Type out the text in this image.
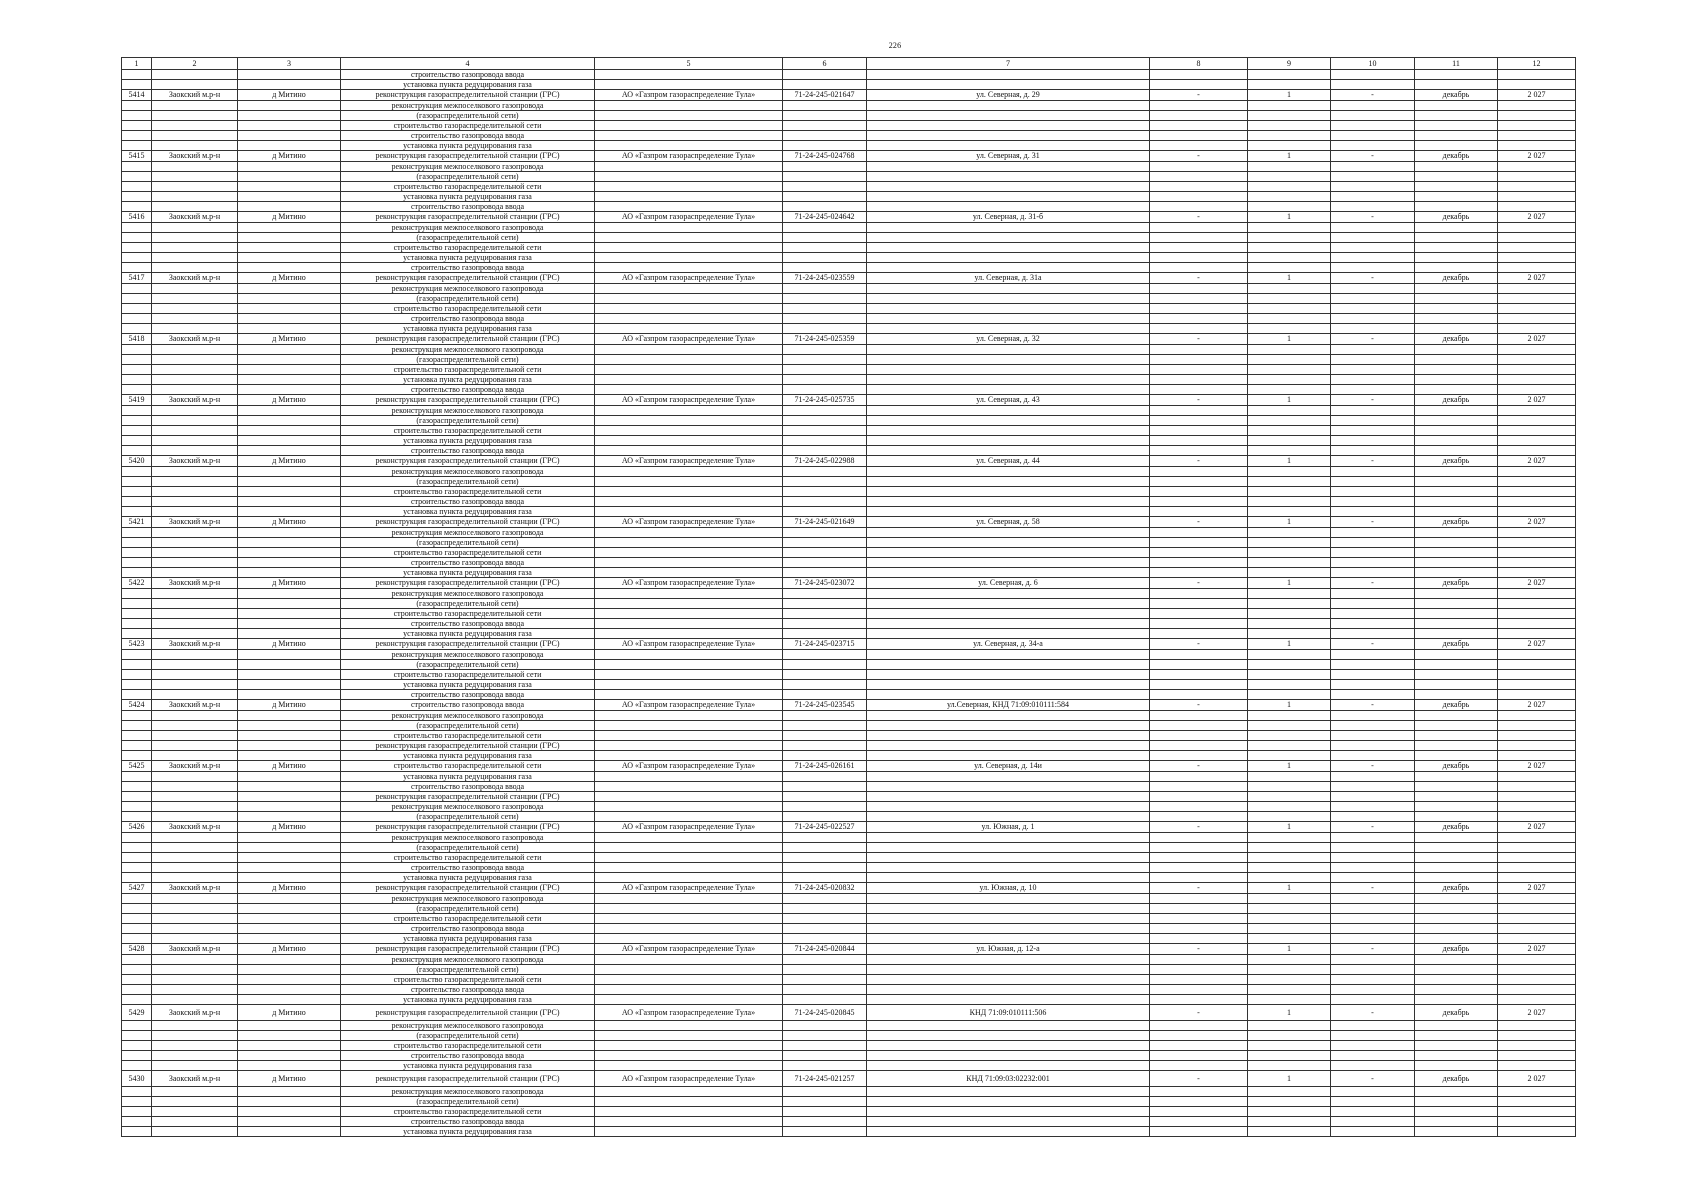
226
1	2	3	4	5	6	7	8	9	10	11	12
			строительство газопровода ввода								
			установка пункта редуцирования газа								
5414	Заокский м.р-н	д Митино	реконструкция газораспределительной станции (ГРС)	АО «Газпром газораспределение Тула»	71-24-245-021647	ул. Северная, д. 29	-	1	-	декабрь	2 027
			реконструкция межпоселкового газопровода								
			(газораспределительной сети)								
			строительство газораспределительной сети								
			строительство газопровода ввода								
			установка пункта редуцирования газа								
5415	Заокский м.р-н	д Митино	реконструкция газораспределительной станции (ГРС)	АО «Газпром газораспределение Тула»	71-24-245-024768	ул. Северная, д. 31	-	1	-	декабрь	2 027
			реконструкция межпоселкового газопровода								
			(газораспределительной сети)								
			строительство газораспределительной сети								
			установка пункта редуцирования газа								
			строительство газопровода ввода								
5416	Заокский м.р-н	д Митино	реконструкция газораспределительной станции (ГРС)	АО «Газпром газораспределение Тула»	71-24-245-024642	ул. Северная, д. 31-б	-	1	-	декабрь	2 027
			реконструкция межпоселкового газопровода								
			(газораспределительной сети)								
			строительство газораспределительной сети								
			установка пункта редуцирования газа								
			строительство газопровода ввода								
5417	Заокский м.р-н	д Митино	реконструкция газораспределительной станции (ГРС)	АО «Газпром газораспределение Тула»	71-24-245-023559	ул. Северная, д. 31а	-	1	-	декабрь	2 027
			реконструкция межпоселкового газопровода								
			(газораспределительной сети)								
			строительство газораспределительной сети								
			строительство газопровода ввода								
			установка пункта редуцирования газа								
5418	Заокский м.р-н	д Митино	реконструкция газораспределительной станции (ГРС)	АО «Газпром газораспределение Тула»	71-24-245-025359	ул. Северная, д. 32	-	1	-	декабрь	2 027
			реконструкция межпоселкового газопровода								
			(газораспределительной сети)								
			строительство газораспределительной сети								
			установка пункта редуцирования газа								
			строительство газопровода ввода								
5419	Заокский м.р-н	д Митино	реконструкция газораспределительной станции (ГРС)	АО «Газпром газораспределение Тула»	71-24-245-025735	ул. Северная, д. 43	-	1	-	декабрь	2 027
			реконструкция межпоселкового газопровода								
			(газораспределительной сети)								
			строительство газораспределительной сети								
			установка пункта редуцирования газа								
			строительство газопровода ввода								
5420	Заокский м.р-н	д Митино	реконструкция газораспределительной станции (ГРС)	АО «Газпром газораспределение Тула»	71-24-245-022988	ул. Северная, д. 44	-	1	-	декабрь	2 027
			реконструкция межпоселкового газопровода								
			(газораспределительной сети)								
			строительство газораспределительной сети								
			строительство газопровода ввода								
			установка пункта редуцирования газа								
5421	Заокский м.р-н	д Митино	реконструкция газораспределительной станции (ГРС)	АО «Газпром газораспределение Тула»	71-24-245-021649	ул. Северная, д. 58	-	1	-	декабрь	2 027
			реконструкция межпоселкового газопровода								
			(газораспределительной сети)								
			строительство газораспределительной сети								
			строительство газопровода ввода								
			установка пункта редуцирования газа								
5422	Заокский м.р-н	д Митино	реконструкция газораспределительной станции (ГРС)	АО «Газпром газораспределение Тула»	71-24-245-023072	ул. Северная, д. 6	-	1	-	декабрь	2 027
			реконструкция межпоселкового газопровода								
			(газораспределительной сети)								
			строительство газораспределительной сети								
			строительство газопровода ввода								
			установка пункта редуцирования газа								
5423	Заокский м.р-н	д Митино	реконструкция газораспределительной станции (ГРС)	АО «Газпром газораспределение Тула»	71-24-245-023715	ул. Северная, д. 34-а	-	1	-	декабрь	2 027
			реконструкция межпоселкового газопровода								
			(газораспределительной сети)								
			строительство газораспределительной сети								
			установка пункта редуцирования газа								
			строительство газопровода ввода								
5424	Заокский м.р-н	д Митино	строительство газопровода ввода	АО «Газпром газораспределение Тула»	71-24-245-023545	ул.Северная, КНД 71:09:010111:584	-	1	-	декабрь	2 027
			реконструкция межпоселкового газопровода								
			(газораспределительной сети)								
			строительство газораспределительной сети								
			реконструкция газораспределительной станции (ГРС)								
			установка пункта редуцирования газа								
5425	Заокский м.р-н	д Митино	строительство газораспределительной сети	АО «Газпром газораспределение Тула»	71-24-245-026161	ул. Северная, д. 14и	-	1	-	декабрь	2 027
			установка пункта редуцирования газа								
			строительство газопровода ввода								
			реконструкция газораспределительной станции (ГРС)								
			реконструкция межпоселкового газопровода								
			(газораспределительной сети)								
5426	Заокский м.р-н	д Митино	реконструкция газораспределительной станции (ГРС)	АО «Газпром газораспределение Тула»	71-24-245-022527	ул. Южная, д. 1	-	1	-	декабрь	2 027
			реконструкция межпоселкового газопровода								
			(газораспределительной сети)								
			строительство газораспределительной сети								
			строительство газопровода ввода								
			установка пункта редуцирования газа								
5427	Заокский м.р-н	д Митино	реконструкция газораспределительной станции (ГРС)	АО «Газпром газораспределение Тула»	71-24-245-020832	ул. Южная, д. 10	-	1	-	декабрь	2 027
			реконструкция межпоселкового газопровода								
			(газораспределительной сети)								
			строительство газораспределительной сети								
			строительство газопровода ввода								
			установка пункта редуцирования газа								
5428	Заокский м.р-н	д Митино	реконструкция газораспределительной станции (ГРС)	АО «Газпром газораспределение Тула»	71-24-245-020844	ул. Южная, д. 12-а	-	1	-	декабрь	2 027
			реконструкция межпоселкового газопровода								
			(газораспределительной сети)								
			строительство газораспределительной сети								
			строительство газопровода ввода								
			установка пункта редуцирования газа								
5429	Заокский м.р-н	д Митино	реконструкция газораспределительной станции (ГРС)	АО «Газпром газораспределение Тула»	71-24-245-020845	КНД 71:09:010111:506	-	1	-	декабрь	2 027
			реконструкция межпоселкового газопровода								
			(газораспределительной сети)								
			строительство газораспределительной сети								
			строительство газопровода ввода								
			установка пункта редуцирования газа								
5430	Заокский м.р-н	д Митино	реконструкция газораспределительной станции (ГРС)	АО «Газпром газораспределение Тула»	71-24-245-021257	КНД 71:09:03:02232:001	-	1	-	декабрь	2 027
			реконструкция межпоселкового газопровода								
			(газораспределительной сети)								
			строительство газораспределительной сети								
			строительство газопровода ввода								
			установка пункта редуцирования газа								
